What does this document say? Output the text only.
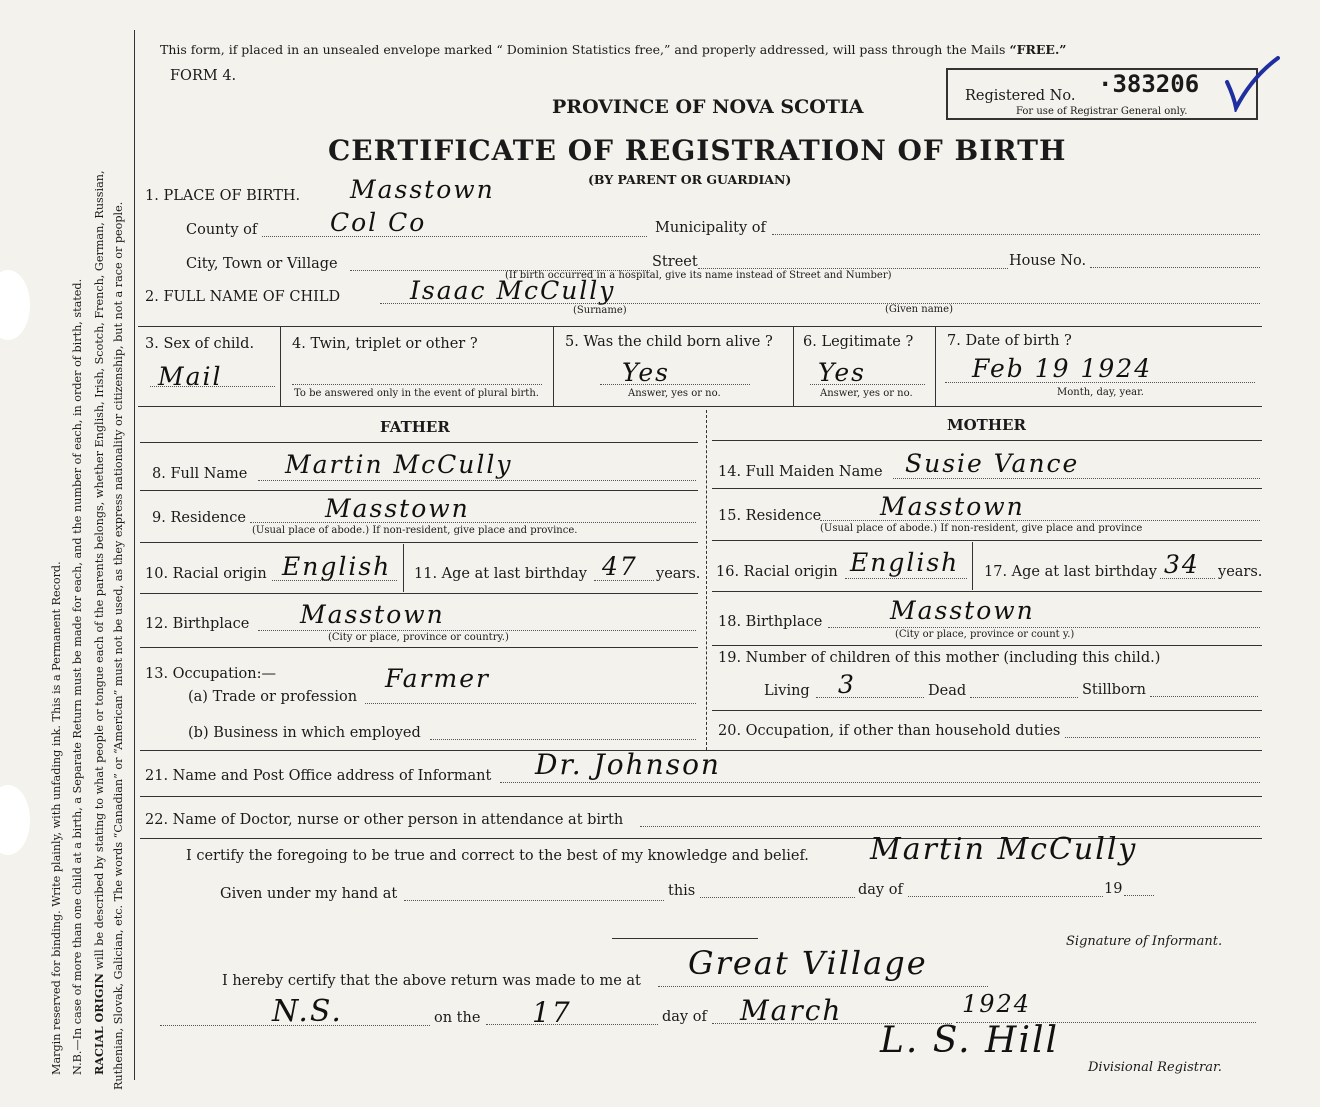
Margin reserved for binding. Write plainly, with unfading ink. This is a Permanent Record. N.B.—In case of more than one child at a birth, a Separate Return must be made for each, and the number of each, in order of birth, stated. RACIAL ORIGIN will be described by stating to what people or tongue each of the parents belongs, whether English, Irish, Scotch, French, German, Russian, Ruthenian, Slovak, Galician, etc. The words “Canadian” or “American” must not be used, as they express nationality or citizenship, but not a race or people.
This form, if placed in an unsealed envelope marked “ Dominion Statistics free,” and properly addressed, will pass through the Mails “FREE.”
FORM 4.
PROVINCE OF NOVA SCOTIA
CERTIFICATE OF REGISTRATION OF BIRTH
(BY PARENT OR GUARDIAN)
Registered No. ·383206
For use of Registrar General only.
1. PLACE OF BIRTH. Masstown
County of	Col Co	Municipality of
City, Town or Village	Street	House No.
(If birth occurred in a hospital, give its name instead of Street and Number)
2. FULL NAME OF CHILD	Isaac McCully
(Surname)	(Given name)
3. Sex of child.
Mail
4. Twin, triplet or other ?
To be answered only in the event of plural birth.
5. Was the child born alive ?
Yes
Answer, yes or no.
6. Legitimate ?
Yes
Answer, yes or no.
7. Date of birth ?
Feb 19 1924
Month, day, year.
FATHER	MOTHER
8. Full Name Martin McCully	14. Full Maiden Name Susie Vance
9. Residence	Masstown
(Usual place of abode.) If non-resident, give place and province.
15. Residence Masstown
(Usual place of abode.) If non-resident, give place and province
10. Racial origin English 11. Age at last birthday 47 years. 16. Racial origin English 17. Age at last birthday 34 years.
12. Birthplace Masstown
(City or place, province or country.)
18. Birthplace	Masstown
(City or place, province or count y.)
13. Occupation:—
(a) Trade or profession
Farmer
19. Number of children of this mother (including this child.)
Living 3	Dead	Stillborn
(b) Business in which employed	20. Occupation, if other than household duties
21. Name and Post Office address of Informant Dr. Johnson
22. Name of Doctor, nurse or other person in attendance at birth
I certify the foregoing to be true and correct to the best of my knowledge and belief. Martin McCully
Given under my hand at	this	day of	19
Signature of Informant.
I hereby certify that the above return was made to me at Great Village
N.S.	on the 17	day of March	1924
L. S. Hill
Divisional Registrar.
